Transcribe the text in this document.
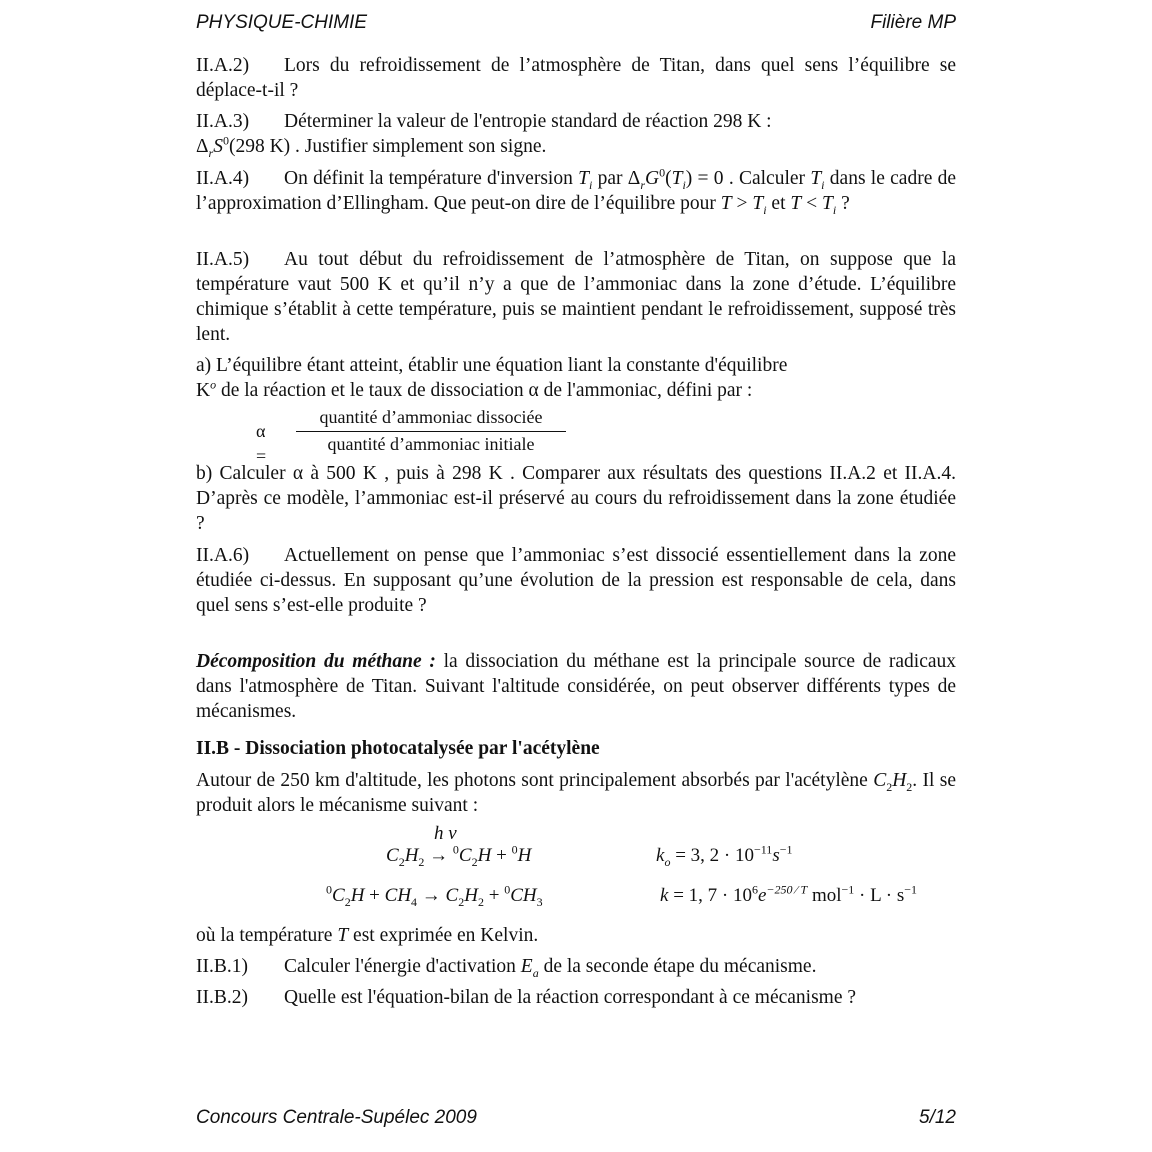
PHYSIQUE-CHIMIE	Filière MP

II.A.2) Lors du refroidissement de l’atmosphère de Titan, dans quel sens l’équilibre se déplace-t-il ?

II.A.3) Déterminer la valeur de l'entropie standard de réaction 298 K :
$\Delta_rS^0(298$ K) . Justifier simplement son signe.

II.A.4) On définit la température d'inversion $T_i$ par $\Delta_rG^0(T_i) = 0$ . Calculer $T_i$ dans le cadre de l’approximation d’Ellingham. Que peut-on dire de l’équilibre pour $T > T_i$ et $T < T_i$ ?

II.A.5) Au tout début du refroidissement de l’atmosphère de Titan, on suppose que la température vaut 500 K et qu’il n’y a que de l’ammoniac dans la zone d’étude. L’équilibre chimique s’établit à cette température, puis se maintient pendant le refroidissement, supposé très lent.

a) L’équilibre étant atteint, établir une équation liant la constante d'équilibre
$K^o$ de la réaction et le taux de dissociation α de l'ammoniac, défini par :

α =
quantité d’ammoniac dissociée
quantité d’ammoniac initiale

b) Calculer α à 500 K , puis à 298 K . Comparer aux résultats des questions II.A.2 et II.A.4. D’après ce modèle, l’ammoniac est-il préservé au cours du refroidissement dans la zone étudiée ?

II.A.6) Actuellement on pense que l’ammoniac s’est dissocié essentiellement dans la zone étudiée ci-dessus. En supposant qu’une évolution de la pression est responsable de cela, dans quel sens s’est-elle produite ?

Décomposition du méthane : la dissociation du méthane est la principale source de radicaux dans l'atmosphère de Titan. Suivant l'altitude considérée, on peut observer différents types de mécanismes.

II.B - Dissociation photocatalysée par l'acétylène

Autour de 250 km d'altitude, les photons sont principalement absorbés par l'acétylène $C_2H_2$. Il se produit alors le mécanisme suivant :

h ν
$C_2H_2 \to ^0C_2H + ^0H$	$k_o = 3$, $2 \cdot 10^{-11}s^{-1}$
$^0C_2H + CH_4 \to C_2H_2 + ^0CH_3$	k = 1, $7 \cdot 10^6e^{-250 ⁄ T}$ $mol^{-1} \cdot L \cdot s^{-1}$

où la température T est exprimée en Kelvin.

II.B.1) Calculer l'énergie d'activation $E_a$ de la seconde étape du mécanisme.

II.B.2) Quelle est l'équation-bilan de la réaction correspondant à ce mécanisme ?

Concours Centrale-Supélec 2009	5/12
